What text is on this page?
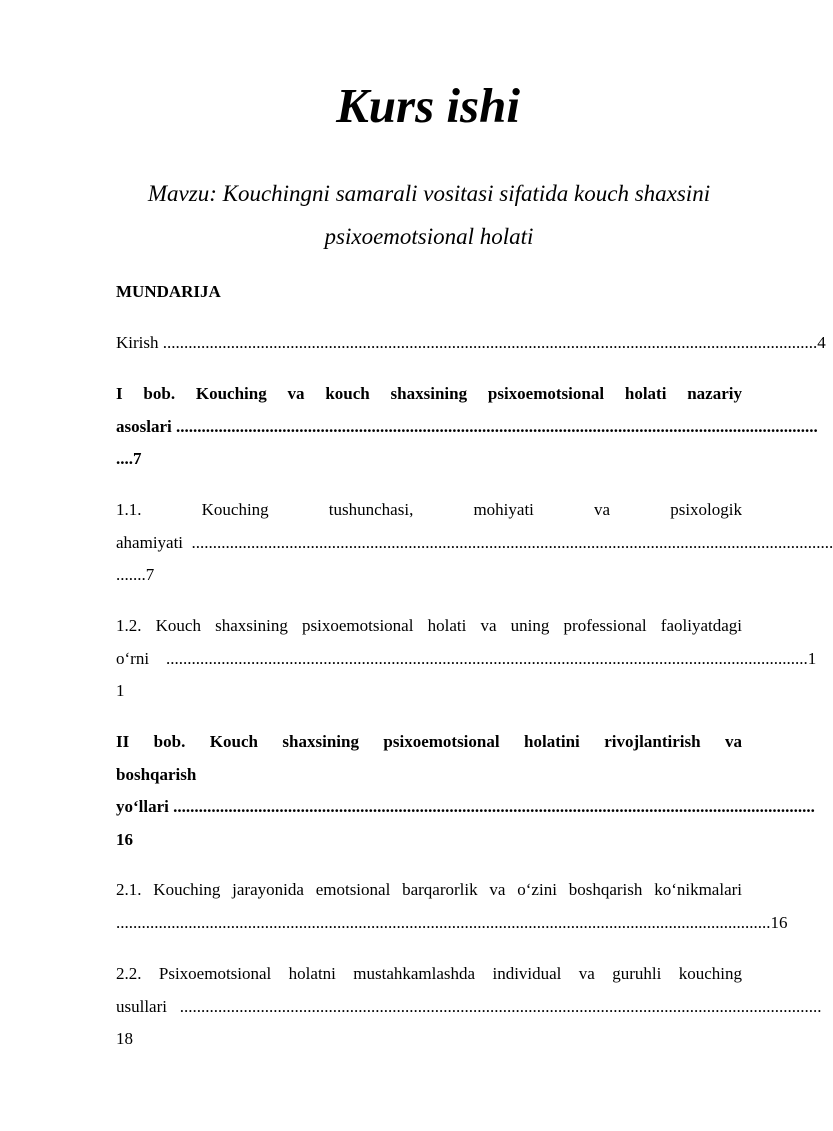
Kurs ishi
Mavzu: Kouchingni samarali vositasi sifatida kouch shaxsini
psixoemotsional holati
MUNDARIJA
Kirish .......................................................................................................................................................... 4
I bob. Kouching va kouch shaxsining psixoemotsional holati nazariy
asoslari .......................................................................................................................................................
....7
1.1.	Kouching	tushunchasi,	mohiyati	va	psixologik
ahamiyati .......................................................................................................................................................
.......7
1.2. Kouch shaxsining psixoemotsional holati va uning professional faoliyatdagi
o‘rni ....................................................................................................................................................... 1
1
II bob. Kouch shaxsining psixoemotsional holatini rivojlantirish va
boshqarish
yo‘llari .......................................................................................................................................................
16
2.1. Kouching jarayonida emotsional barqarorlik va o‘zini boshqarish ko‘nikmalari
.......................................................................................................................................................... 16
2.2. Psixoemotsional holatni mustahkamlashda individual va guruhli kouching
usullari .......................................................................................................................................................
18
